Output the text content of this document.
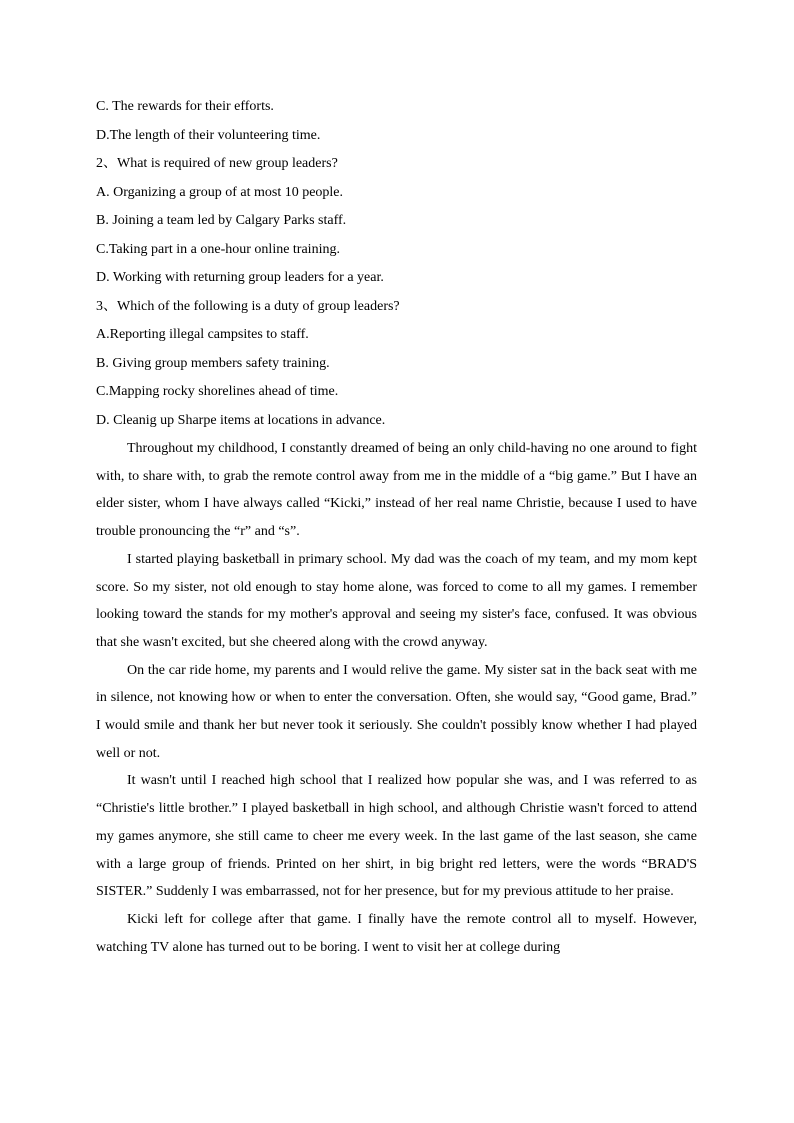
C. The rewards for their efforts.

D.The length of their volunteering time.

2、What is required of new group leaders?

A. Organizing a group of at most 10 people.

B. Joining a team led by Calgary Parks staff.

C.Taking part in a one-hour online training.

D. Working with returning group leaders for a year.

3、Which of the following is a duty of group leaders?

A.Reporting illegal campsites to staff.

B. Giving group members safety training.

C.Mapping rocky shorelines ahead of time.

D. Cleanig up Sharpe items at locations in advance.

Throughout my childhood, I constantly dreamed of being an only child-having no one around to fight with, to share with, to grab the remote control away from me in the middle of a “big game.” But I have an elder sister, whom I have always called “Kicki,” instead of her real name Christie, because I used to have trouble pronouncing the “r” and “s”.

I started playing basketball in primary school. My dad was the coach of my team, and my mom kept score. So my sister, not old enough to stay home alone, was forced to come to all my games. I remember looking toward the stands for my mother's approval and seeing my sister's face, confused. It was obvious that she wasn't excited, but she cheered along with the crowd anyway.

On the car ride home, my parents and I would relive the game. My sister sat in the back seat with me in silence, not knowing how or when to enter the conversation. Often, she would say, “Good game, Brad.” I would smile and thank her but never took it seriously. She couldn't possibly know whether I had played well or not.

It wasn't until I reached high school that I realized how popular she was, and I was referred to as “Christie's little brother.” I played basketball in high school, and although Christie wasn't forced to attend my games anymore, she still came to cheer me every week. In the last game of the last season, she came with a large group of friends. Printed on her shirt, in big bright red letters, were the words “BRAD'S SISTER.” Suddenly I was embarrassed, not for her presence, but for my previous attitude to her praise.

Kicki left for college after that game. I finally have the remote control all to myself. However, watching TV alone has turned out to be boring. I went to visit her at college during
